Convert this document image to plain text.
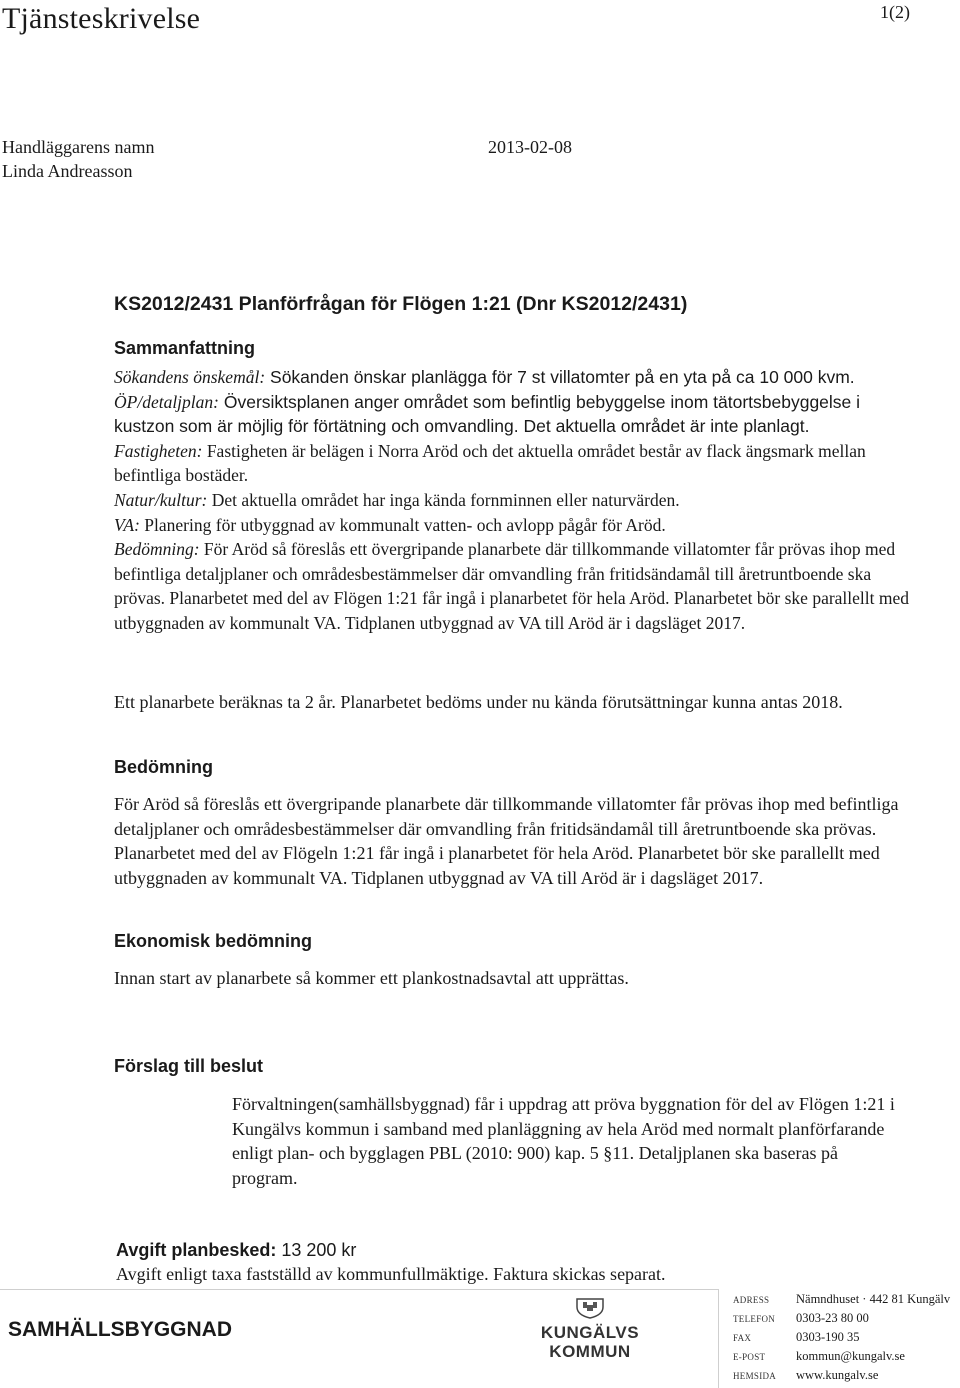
Tjänsteskrivelse	1(2)
Handläggarens namn
Linda Andreasson
2013-02-08
KS2012/2431 Planförfrågan för Flögen 1:21 (Dnr KS2012/2431)
Sammanfattning

Sökandens önskemål: Sökanden önskar planlägga för 7 st villatomter på en yta på ca 10 000 kvm.

ÖP/detaljplan: Översiktsplanen anger området som befintlig bebyggelse inom tätortsbebyggelse i kustzon som är möjlig för förtätning och omvandling. Det aktuella området är inte planlagt.

Fastigheten: Fastigheten är belägen i Norra Aröd och det aktuella området består av flack ängsmark mellan befintliga bostäder.

Natur/kultur: Det aktuella området har inga kända fornminnen eller naturvärden.

VA: Planering för utbyggnad av kommunalt vatten- och avlopp pågår för Aröd.

Bedömning: För Aröd så föreslås ett övergripande planarbete där tillkommande villatomter får prövas ihop med befintliga detaljplaner och områdesbestämmelser där omvandling från fritidsändamål till åretruntboende ska prövas. Planarbetet med del av Flögen 1:21 får ingå i planarbetet för hela Aröd. Planarbetet bör ske parallellt med utbyggnaden av kommunalt VA. Tidplanen utbyggnad av VA till Aröd är i dagsläget 2017.

Ett planarbete beräknas ta 2 år. Planarbetet bedöms under nu kända förutsättningar kunna antas 2018.
Bedömning
För Aröd så föreslås ett övergripande planarbete där tillkommande villatomter får prövas ihop med befintliga detaljplaner och områdesbestämmelser där omvandling från fritidsändamål till åretruntboende ska prövas. Planarbetet med del av Flögeln 1:21 får ingå i planarbetet för hela Aröd. Planarbetet bör ske parallellt med utbyggnaden av kommunalt VA. Tidplanen utbyggnad av VA till Aröd är i dagsläget 2017.
Ekonomisk bedömning
Innan start av planarbete så kommer ett plankostnadsavtal att upprättas.
Förslag till beslut
Förvaltningen(samhällsbyggnad) får i uppdrag att pröva byggnation för del av Flögen 1:21 i Kungälvs kommun i samband med planläggning av hela Aröd med normalt planförfarande enligt plan- och bygglagen PBL (2010: 900) kap. 5 §11. Detaljplanen ska baseras på program.
Avgift planbesked: 13 200 kr
Avgift enligt taxa fastställd av kommunfullmäktige. Faktura skickas separat.
SAMHÄLLSBYGGNAD	KUNGÄLVS
KOMMUN
ADRESS	Nämndhuset · 442 81 Kungälv
TELEFON	0303-23 80 00
FAX	0303-190 35
E-POST	kommun@kungalv.se
HEMSIDA	www.kungalv.se
